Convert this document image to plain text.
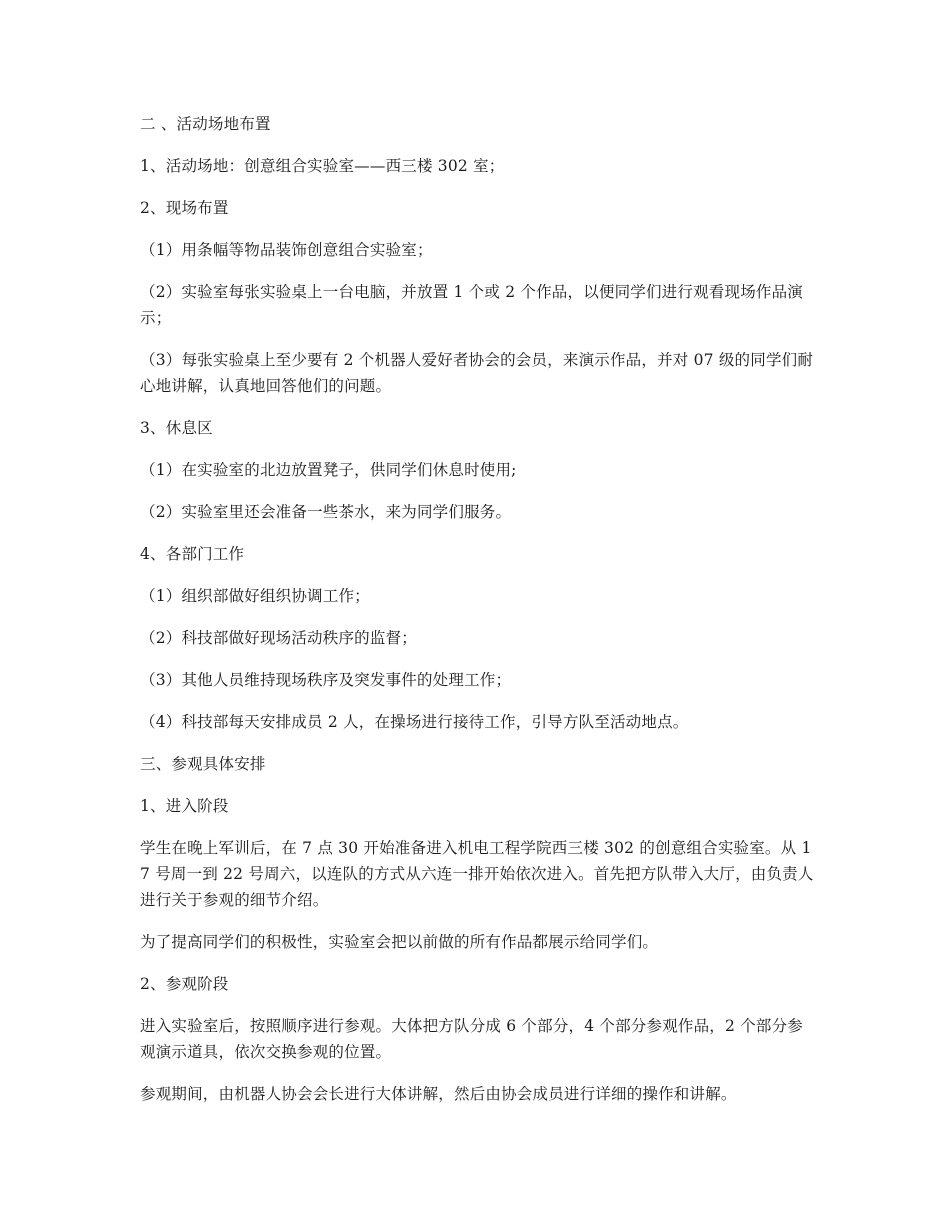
二 、活动场地布置

1、活动场地：创意组合实验室——西三楼 302 室；

2、现场布置

（1）用条幅等物品装饰创意组合实验室；

（2）实验室每张实验桌上一台电脑，并放置 1 个或 2 个作品，以便同学们进行观看现场作品演示；

（3）每张实验桌上至少要有 2 个机器人爱好者协会的会员，来演示作品，并对 07 级的同学们耐心地讲解，认真地回答他们的问题。

3、休息区

（1）在实验室的北边放置凳子，供同学们休息时使用;

（2）实验室里还会准备一些茶水，来为同学们服务。

4、各部门工作

（1）组织部做好组织协调工作；

（2）科技部做好现场活动秩序的监督；

（3）其他人员维持现场秩序及突发事件的处理工作；

（4）科技部每天安排成员 2 人，在操场进行接待工作，引导方队至活动地点。

三、参观具体安排

1、进入阶段

学生在晚上军训后，在 7 点 30 开始准备进入机电工程学院西三楼 302 的创意组合实验室。从 17 号周一到 22 号周六，以连队的方式从六连一排开始依次进入。首先把方队带入大厅，由负责人进行关于参观的细节介绍。

为了提高同学们的积极性，实验室会把以前做的所有作品都展示给同学们。

2、参观阶段

进入实验室后，按照顺序进行参观。大体把方队分成 6 个部分，4 个部分参观作品，2 个部分参观演示道具，依次交换参观的位置。

参观期间，由机器人协会会长进行大体讲解，然后由协会成员进行详细的操作和讲解。
